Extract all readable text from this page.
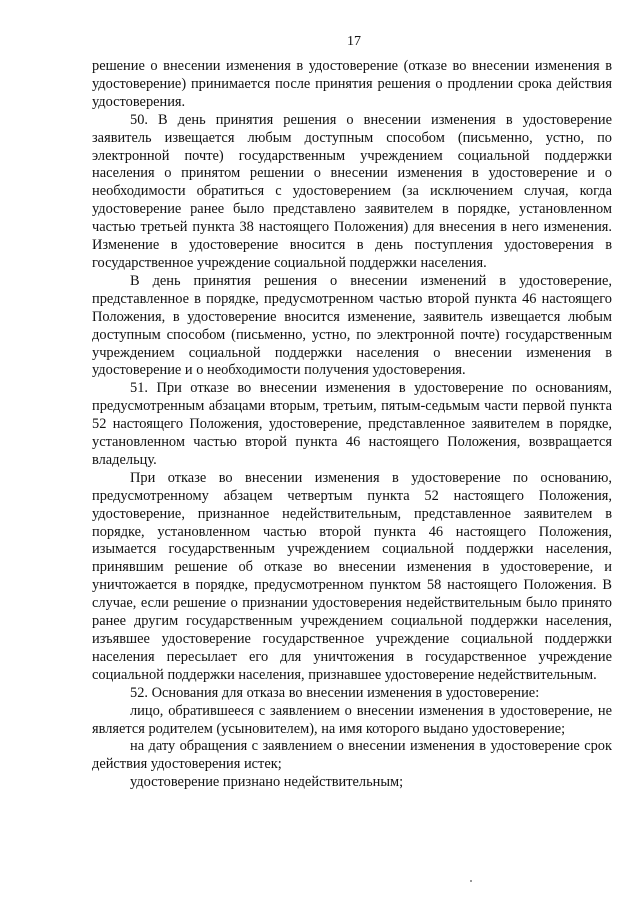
17

решение о внесении изменения в удостоверение (отказе во внесении изменения в удостоверение) принимается после принятия решения о продлении срока действия удостоверения.

50. В день принятия решения о внесении изменения в удостоверение заявитель извещается любым доступным способом (письменно, устно, по электронной почте) государственным учреждением социальной поддержки населения о принятом решении о внесении изменения в удостоверение и о необходимости обратиться с удостоверением (за исключением случая, когда удостоверение ранее было представлено заявителем в порядке, установленном частью третьей пункта 38 настоящего Положения) для внесения в него изменения. Изменение в удостоверение вносится в день поступления удостоверения в государственное учреждение социальной поддержки населения.

В день принятия решения о внесении изменений в удостоверение, представленное в порядке, предусмотренном частью второй пункта 46 настоящего Положения, в удостоверение вносится изменение, заявитель извещается любым доступным способом (письменно, устно, по электронной почте) государственным учреждением социальной поддержки населения о внесении изменения в удостоверение и о необходимости получения удостоверения.

51. При отказе во внесении изменения в удостоверение по основаниям, предусмотренным абзацами вторым, третьим, пятым-седьмым части первой пункта 52 настоящего Положения, удостоверение, представленное заявителем в порядке, установленном частью второй пункта 46 настоящего Положения, возвращается владельцу.

При отказе во внесении изменения в удостоверение по основанию, предусмотренному абзацем четвертым пункта 52 настоящего Положения, удостоверение, признанное недействительным, представленное заявителем в порядке, установленном частью второй пункта 46 настоящего Положения, изымается государственным учреждением социальной поддержки населения, принявшим решение об отказе во внесении изменения в удостоверение, и уничтожается в порядке, предусмотренном пунктом 58 настоящего Положения. В случае, если решение о признании удостоверения недействительным было принято ранее другим государственным учреждением социальной поддержки населения, изъявшее удостоверение государственное учреждение социальной поддержки населения пересылает его для уничтожения в государственное учреждение социальной поддержки населения, признавшее удостоверение недействительным.

52. Основания для отказа во внесении изменения в удостоверение:

лицо, обратившееся с заявлением о внесении изменения в удостоверение, не является родителем (усыновителем), на имя которого выдано удостоверение;

на дату обращения с заявлением о внесении изменения в удостоверение срок действия удостоверения истек;

удостоверение признано недействительным;
